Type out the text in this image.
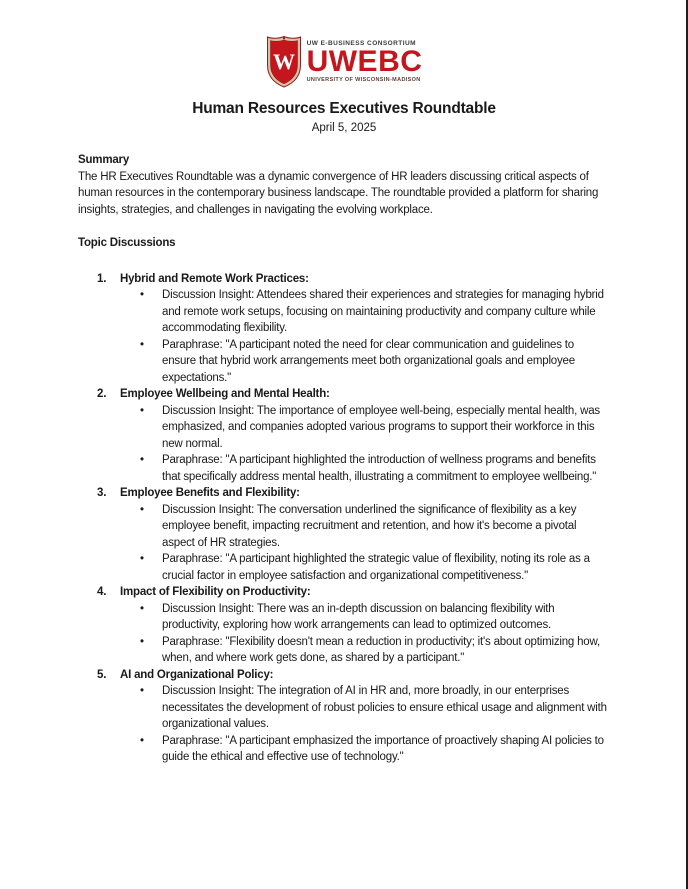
W
UW E-BUSINESS CONSORTIUM
UWEBC
UNIVERSITY OF WISCONSIN-MADISON
Human Resources Executives Roundtable
April 5, 2025
Summary
The HR Executives Roundtable was a dynamic convergence of HR leaders discussing critical aspects of human resources in the contemporary business landscape. The roundtable provided a platform for sharing insights, strategies, and challenges in navigating the evolving workplace.
Topic Discussions
1.	Hybrid and Remote Work Practices:
•
Discussion Insight: Attendees shared their experiences and strategies for managing hybrid and remote work setups, focusing on maintaining productivity and company culture while accommodating flexibility.
•
Paraphrase: "A participant noted the need for clear communication and guidelines to ensure that hybrid work arrangements meet both organizational goals and employee expectations."
2.	Employee Wellbeing and Mental Health:
•
Discussion Insight: The importance of employee well-being, especially mental health, was emphasized, and companies adopted various programs to support their workforce in this new normal.
•
Paraphrase: "A participant highlighted the introduction of wellness programs and benefits that specifically address mental health, illustrating a commitment to employee wellbeing."
3.	Employee Benefits and Flexibility:
•
Discussion Insight: The conversation underlined the significance of flexibility as a key employee benefit, impacting recruitment and retention, and how it's become a pivotal aspect of HR strategies.
•
Paraphrase: "A participant highlighted the strategic value of flexibility, noting its role as a crucial factor in employee satisfaction and organizational competitiveness."
4.	Impact of Flexibility on Productivity:
•
Discussion Insight: There was an in-depth discussion on balancing flexibility with productivity, exploring how work arrangements can lead to optimized outcomes.
•
Paraphrase: "Flexibility doesn't mean a reduction in productivity; it's about optimizing how, when, and where work gets done, as shared by a participant."
5.	AI and Organizational Policy:
•
Discussion Insight: The integration of AI in HR and, more broadly, in our enterprises necessitates the development of robust policies to ensure ethical usage and alignment with organizational values.
•
Paraphrase: "A participant emphasized the importance of proactively shaping AI policies to guide the ethical and effective use of technology."
